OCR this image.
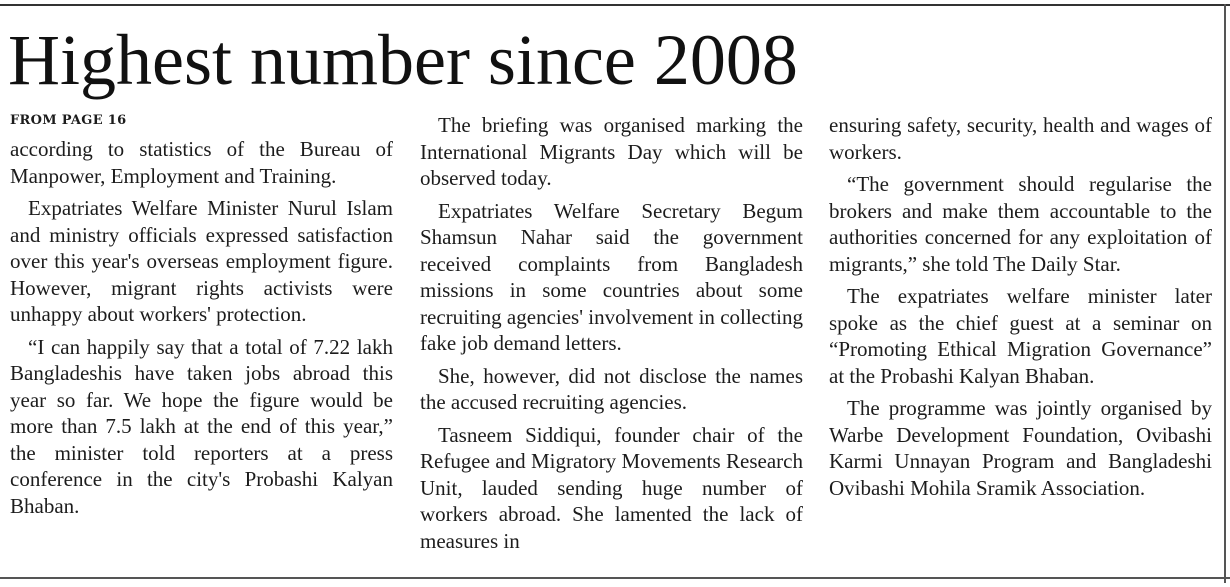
Highest number since 2008

FROM PAGE 16

according to statistics of the Bureau of Manpower, Employment and Training.

Expatriates Welfare Minister Nurul Islam and ministry officials expressed satisfaction over this year's overseas employment figure. However, migrant rights activists were unhappy about workers' protection.

“I can happily say that a total of 7.22 lakh Bangladeshis have taken jobs abroad this year so far. We hope the figure would be more than 7.5 lakh at the end of this year,” the minister told reporters at a press conference in the city's Probashi Kalyan Bhaban.

The briefing was organised marking the International Migrants Day which will be observed today.

Expatriates Welfare Secretary Begum Shamsun Nahar said the government received complaints from Bangladesh missions in some countries about some recruiting agencies' involvement in collecting fake job demand letters.

She, however, did not disclose the names the accused recruiting agencies.

Tasneem Siddiqui, founder chair of the Refugee and Migratory Movements Research Unit, lauded sending huge number of workers abroad. She lamented the lack of measures in

ensuring safety, security, health and wages of workers.

“The government should regularise the brokers and make them accountable to the authorities concerned for any exploitation of migrants,” she told The Daily Star.

The expatriates welfare minister later spoke as the chief guest at a seminar on “Promoting Ethical Migration Governance” at the Probashi Kalyan Bhaban.

The programme was jointly organised by Warbe Development Foundation, Ovibashi Karmi Unnayan Program and Bangladeshi Ovibashi Mohila Sramik Association.
